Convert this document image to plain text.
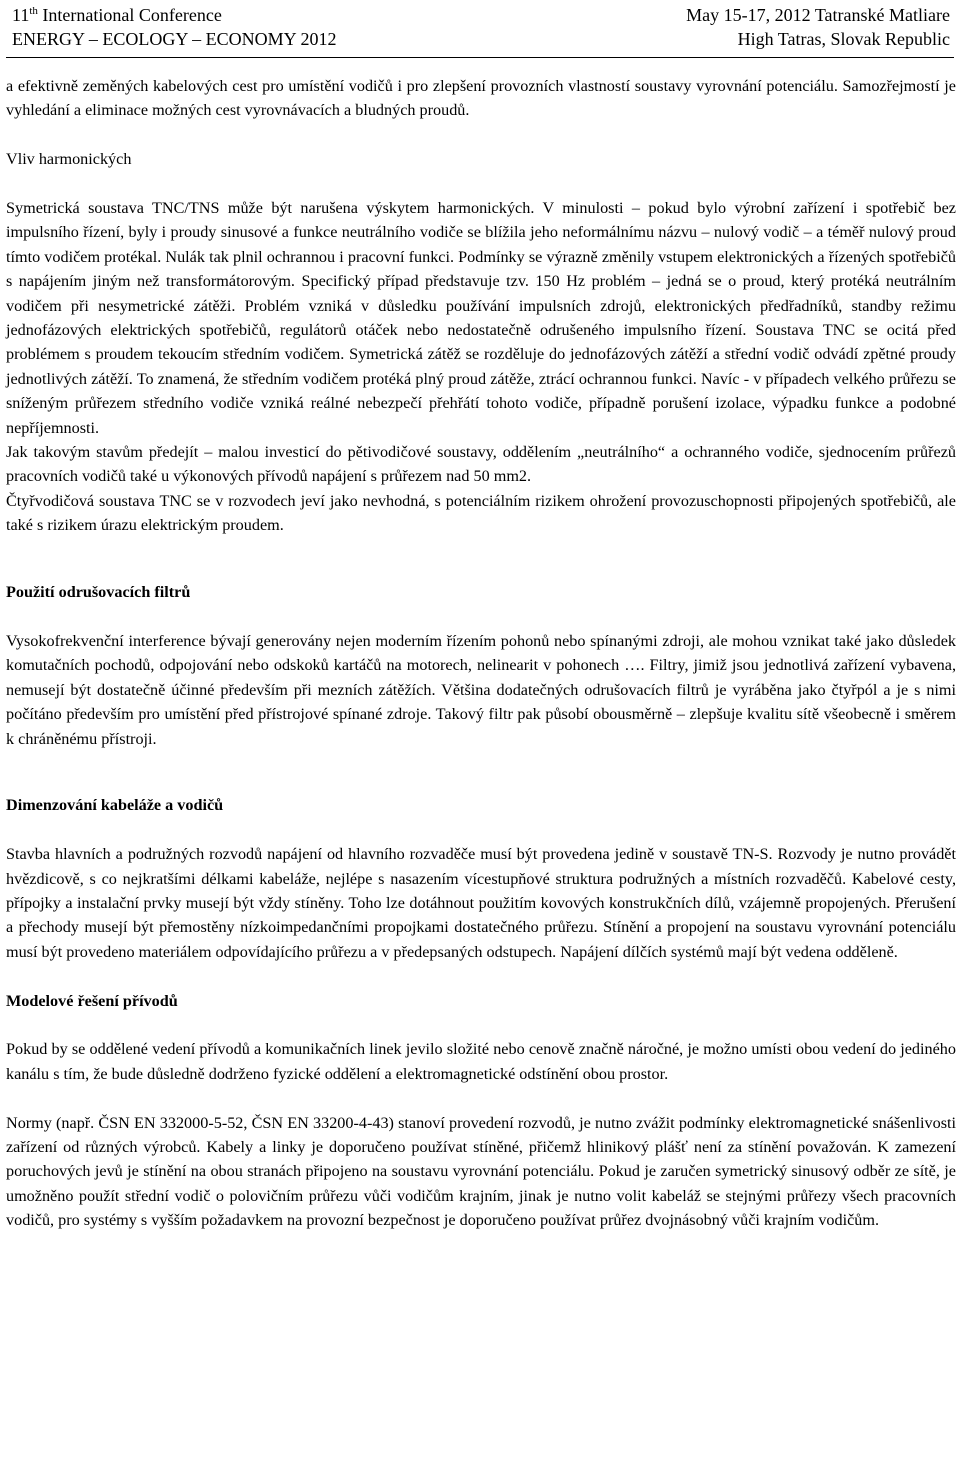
11th International Conference
ENERGY – ECOLOGY – ECONOMY 2012
May 15-17, 2012 Tatranské Matliare
High Tatras, Slovak Republic

a efektivně zeměných kabelových cest pro umístění vodičů i pro zlepšení provozních vlastností soustavy vyrovnání potenciálu. Samozřejmostí je vyhledání a eliminace možných cest vyrovnávacích a bludných proudů.

Vliv harmonických

Symetrická soustava TNC/TNS může být narušena výskytem harmonických. V minulosti – pokud bylo výrobní zařízení i spotřebič bez impulsního řízení, byly i proudy sinusové a funkce neutrálního vodiče se blížila jeho neformálnímu názvu – nulový vodič – a téměř nulový proud tímto vodičem protékal. Nulák tak plnil ochrannou i pracovní funkci. Podmínky se výrazně změnily vstupem elektronických a řízených spotřebičů s napájením jiným než transformátorovým. Specifický případ představuje tzv. 150 Hz problém – jedná se o proud, který protéká neutrálním vodičem při nesymetrické zátěži. Problém vzniká v důsledku používání impulsních zdrojů, elektronických předřadníků, standby režimu jednofázových elektrických spotřebičů, regulátorů otáček nebo nedostatečně odrušeného impulsního řízení. Soustava TNC se ocitá před problémem s proudem tekoucím středním vodičem. Symetrická zátěž se rozděluje do jednofázových zátěží a střední vodič odvádí zpětné proudy jednotlivých zátěží. To znamená, že středním vodičem protéká plný proud zátěže, ztrácí ochrannou funkci. Navíc - v případech velkého průřezu se sníženým průřezem středního vodiče vzniká reálné nebezpečí přehřátí tohoto vodiče, případně porušení izolace, výpadku funkce a podobné nepříjemnosti.

Jak takovým stavům předejít – malou investicí do pětivodičové soustavy, oddělením „neutrálního“ a ochranného vodiče, sjednocením průřezů pracovních vodičů také u výkonových přívodů napájení s průřezem nad 50 mm2.

Čtyřvodičová soustava TNC se v rozvodech jeví jako nevhodná, s potenciálním rizikem ohrožení provozuschopnosti připojených spotřebičů, ale také s rizikem úrazu elektrickým proudem.

Použití odrušovacích filtrů

Vysokofrekvenční interference bývají generovány nejen moderním řízením pohonů nebo spínanými zdroji, ale mohou vznikat také jako důsledek komutačních pochodů, odpojování nebo odskoků kartáčů na motorech, nelinearit v pohonech …. Filtry, jimiž jsou jednotlivá zařízení vybavena, nemusejí být dostatečně účinné především při mezních zátěžích. Většina dodatečných odrušovacích filtrů je vyráběna jako čtyřpól a je s nimi počítáno především pro umístění před přístrojové spínané zdroje. Takový filtr pak působí obousměrně – zlepšuje kvalitu sítě všeobecně i směrem k chráněnému přístroji.

Dimenzování kabeláže a vodičů

Stavba hlavních a podružných rozvodů napájení od hlavního rozvaděče musí být provedena jedině v soustavě TN-S. Rozvody je nutno provádět hvězdicově, s co nejkratšími délkami kabeláže, nejlépe s nasazením vícestupňové struktura podružných a místních rozvaděčů. Kabelové cesty, přípojky a instalační prvky musejí být vždy stíněny. Toho lze dotáhnout použitím kovových konstrukčních dílů, vzájemně propojených. Přerušení a přechody musejí být přemostěny nízkoimpedančními propojkami dostatečného průřezu. Stínění a propojení na soustavu vyrovnání potenciálu musí být provedeno materiálem odpovídajícího průřezu a v předepsaných odstupech. Napájení dílčích systémů mají být vedena odděleně.

Modelové řešení přívodů

Pokud by se oddělené vedení přívodů a komunikačních linek jevilo složité nebo cenově značně náročné, je možno umísti obou vedení do jediného kanálu s tím, že bude důsledně dodrženo fyzické oddělení a elektromagnetické odstínění obou prostor.

Normy (např. ČSN EN 332000-5-52, ČSN EN 33200-4-43) stanoví provedení rozvodů, je nutno zvážit podmínky elektromagnetické snášenlivosti zařízení od různých výrobců. Kabely a linky je doporučeno používat stíněné, přičemž hlinikový plášť není za stínění považován. K zamezení poruchových jevů je stínění na obou stranách připojeno na soustavu vyrovnání potenciálu. Pokud je zaručen symetrický sinusový odběr ze sítě, je umožněno použít střední vodič o polovičním průřezu vůči vodičům krajním, jinak je nutno volit kabeláž se stejnými průřezy všech pracovních vodičů, pro systémy s vyšším požadavkem na provozní bezpečnost je doporučeno používat průřez dvojnásobný vůči krajním vodičům.
